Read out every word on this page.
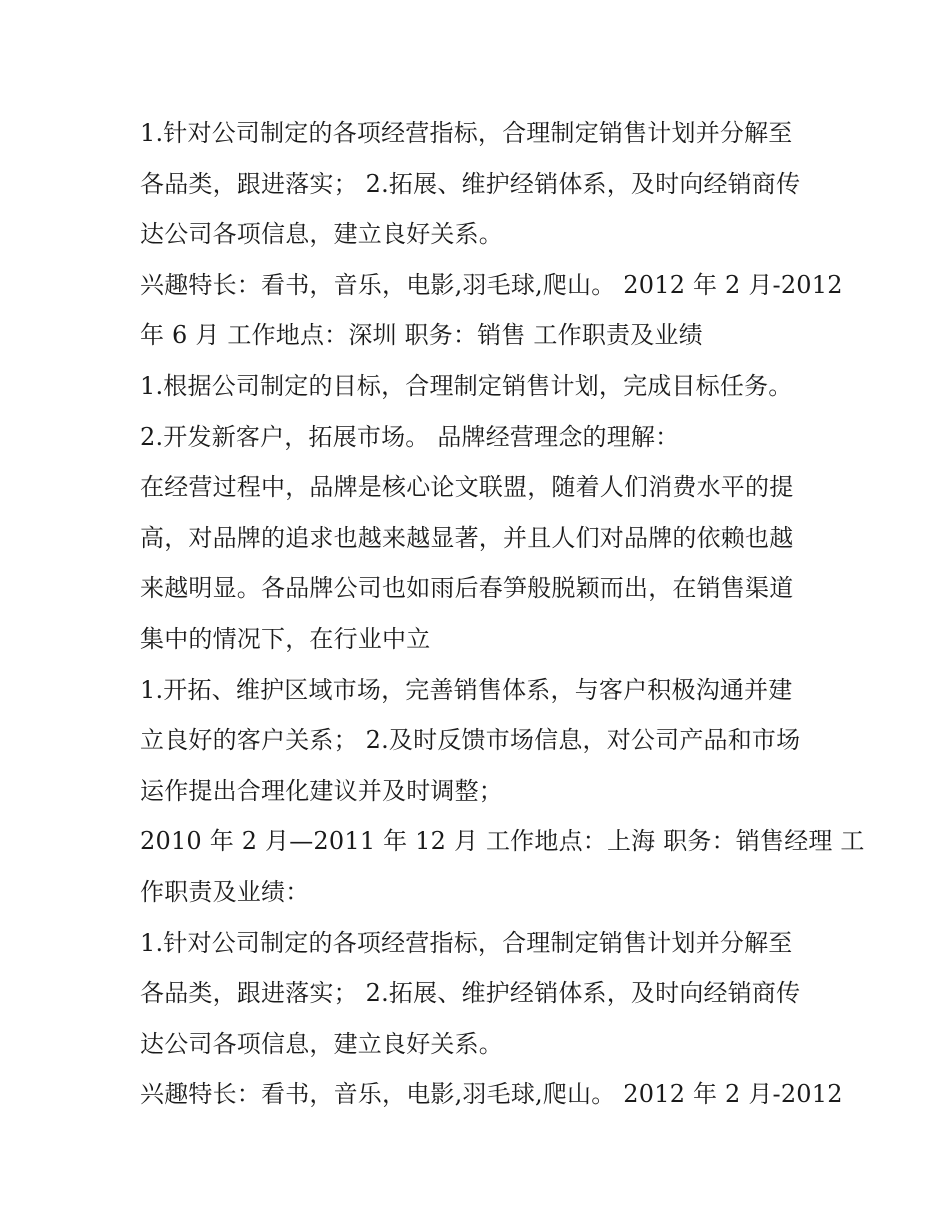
1.针对公司制定的各项经营指标，合理制定销售计划并分解至
各品类，跟进落实； 2.拓展、维护经销体系，及时向经销商传
达公司各项信息，建立良好关系。
兴趣特长：看书，音乐，电影,羽毛球,爬山。 2012 年 2 月-2012
年 6 月 工作地点：深圳 职务：销售 工作职责及业绩
1.根据公司制定的目标，合理制定销售计划，完成目标任务。
2.开发新客户，拓展市场。 品牌经营理念的理解：
在经营过程中，品牌是核心论文联盟，随着人们消费水平的提
高，对品牌的追求也越来越显著，并且人们对品牌的依赖也越
来越明显。各品牌公司也如雨后春笋般脱颖而出，在销售渠道
集中的情况下，在行业中立
1.开拓、维护区域市场，完善销售体系，与客户积极沟通并建
立良好的客户关系； 2.及时反馈市场信息，对公司产品和市场
运作提出合理化建议并及时调整；
2010 年 2 月—2011 年 12 月 工作地点：上海 职务：销售经理 工
作职责及业绩：
1.针对公司制定的各项经营指标，合理制定销售计划并分解至
各品类，跟进落实； 2.拓展、维护经销体系，及时向经销商传
达公司各项信息，建立良好关系。
兴趣特长：看书，音乐，电影,羽毛球,爬山。 2012 年 2 月-2012
